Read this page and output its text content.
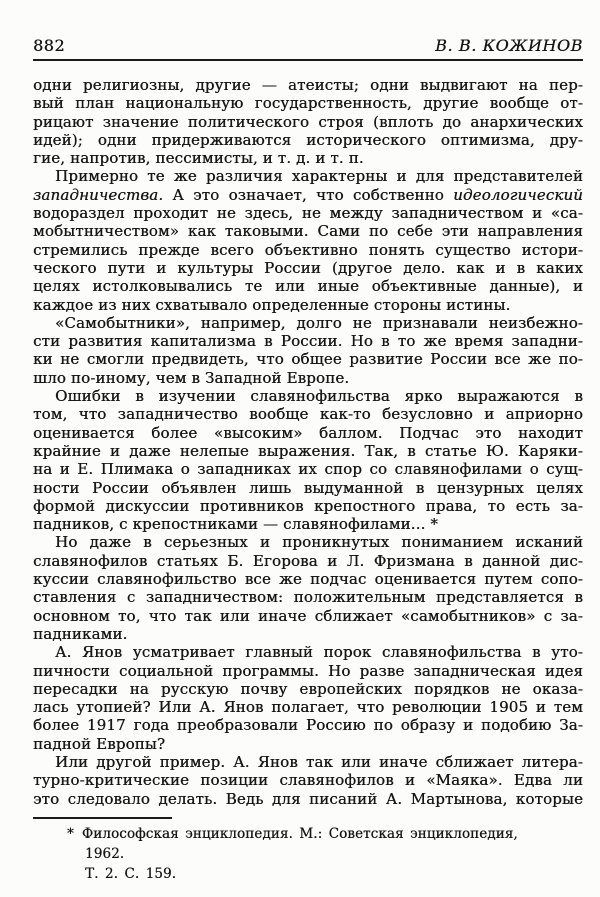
882	В. В. КОЖИНОВ
одни религиозны, другие — атеисты; одни выдвигают на пер-
вый план национальную государственность, другие вообще от-
рицают значение политического строя (вплоть до анархических
идей); одни придерживаются исторического оптимизма, дру-
гие, напротив, пессимисты, и т. д. и т. п.
Примерно те же различия характерны и для представителей
западничества. А это означает, что собственно идеологический
водораздел проходит не здесь, не между западничеством и «са-
мобытничеством» как таковыми. Сами по себе эти направления
стремились прежде всего объективно понять существо истори-
ческого пути и культуры России (другое дело. как и в каких
целях истолковывались те или иные объективные данные), и
каждое из них схватывало определенные стороны истины.
«Самобытники», например, долго не признавали неизбежно-
сти развития капитализма в России. Но в то же время западни-
ки не смогли предвидеть, что общее развитие России все же по-
шло по-иному, чем в Западной Европе.
Ошибки в изучении славянофильства ярко выражаются в
том, что западничество вообще как-то безусловно и априорно
оценивается более «высоким» баллом. Подчас это находит
крайние и даже нелепые выражения. Так, в статье Ю. Каряки-
на и Е. Плимака о западниках их спор со славянофилами о сущ-
ности России объявлен лишь выдуманной в цензурных целях
формой дискуссии противников крепостного права, то есть за-
падников, с крепостниками — славянофилами... *
Но даже в серьезных и проникнутых пониманием исканий
славянофилов статьях Б. Егорова и Л. Фризмана в данной дис-
куссии славянофильство все же подчас оценивается путем сопо-
ставления с западничеством: положительным представляется в
основном то, что так или иначе сближает «самобытников» с за-
падниками.
А. Янов усматривает главный порок славянофильства в уто-
пичности социальной программы. Но разве западническая идея
пересадки на русскую почву европейских порядков не оказа-
лась утопией? Или А. Янов полагает, что революции 1905 и тем
более 1917 года преобразовали Россию по образу и подобию За-
падной Европы?
Или другой пример. А. Янов так или иначе сближает литера-
турно-критические позиции славянофилов и «Маяка». Едва ли
это следовало делать. Ведь для писаний А. Мартынова, которые
* Философская энциклопедия. М.: Советская энциклопедия, 1962.
Т. 2. С. 159.
